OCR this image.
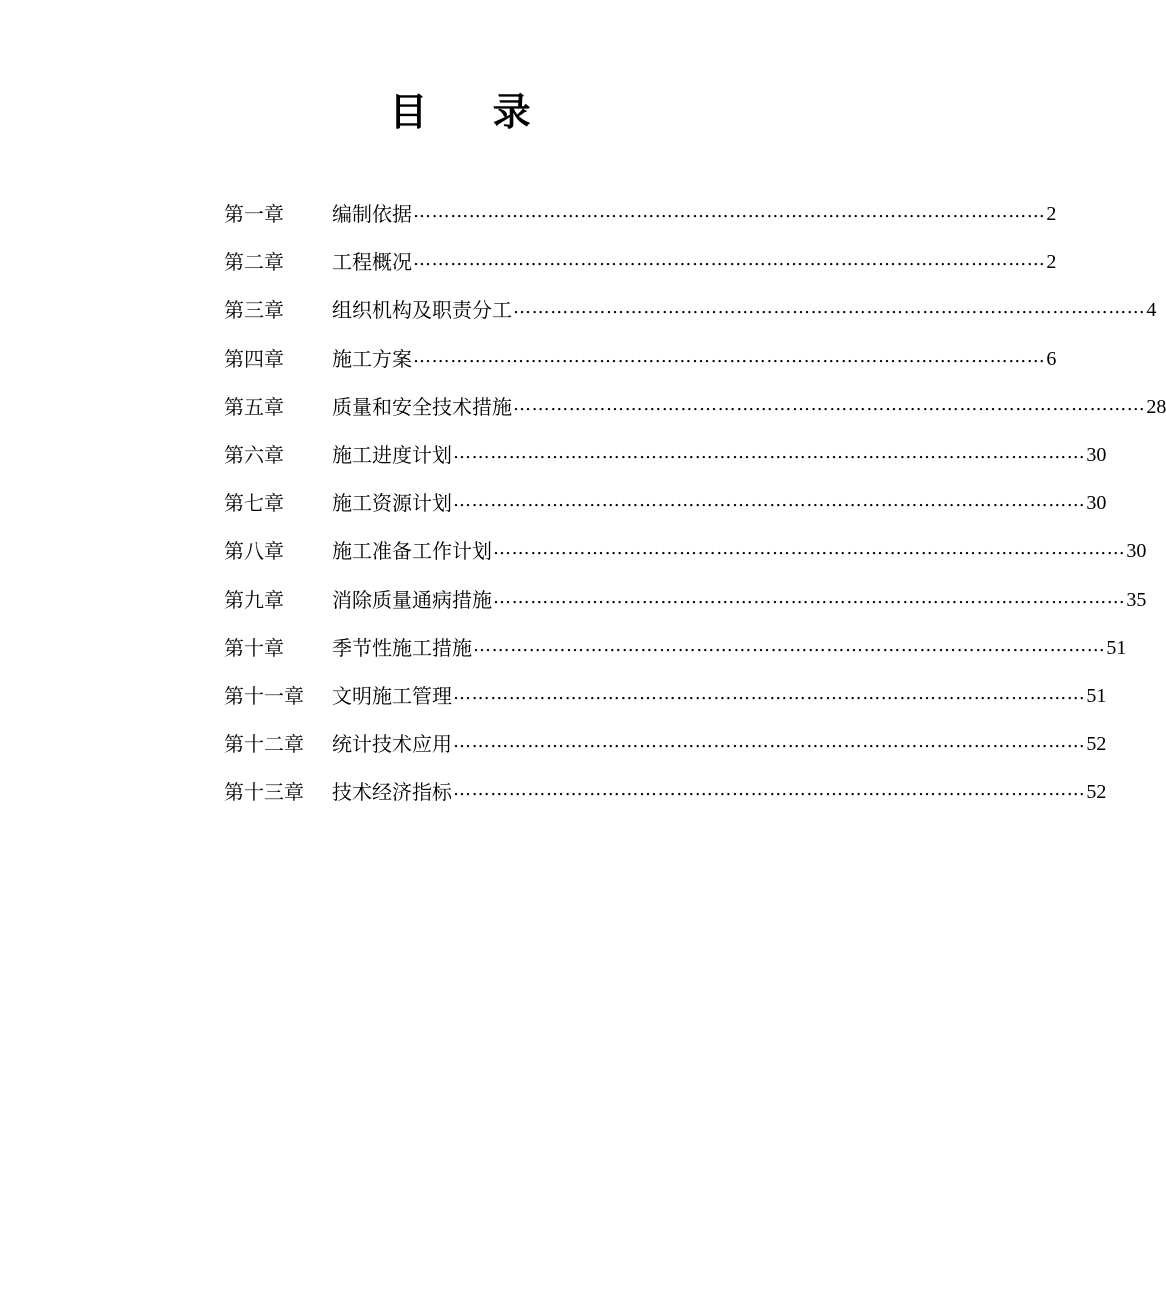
目 录
第一章	编制依据 ………………………………………………………………………………………… 2
第二章	工程概况 ………………………………………………………………………………………… 2
第三章	组织机构及职责分工 ………………………………………………………………………………………… 4
第四章	施工方案 ………………………………………………………………………………………… 6
第五章	质量和安全技术措施 ………………………………………………………………………………………… 28
第六章	施工进度计划 ………………………………………………………………………………………… 30
第七章	施工资源计划 ………………………………………………………………………………………… 30
第八章	施工准备工作计划 ………………………………………………………………………………………… 30
第九章	消除质量通病措施 ………………………………………………………………………………………… 35
第十章	季节性施工措施 ………………………………………………………………………………………… 51
第十一章	文明施工管理 ………………………………………………………………………………………… 51
第十二章	统计技术应用 ………………………………………………………………………………………… 52
第十三章	技术经济指标 ………………………………………………………………………………………… 52
